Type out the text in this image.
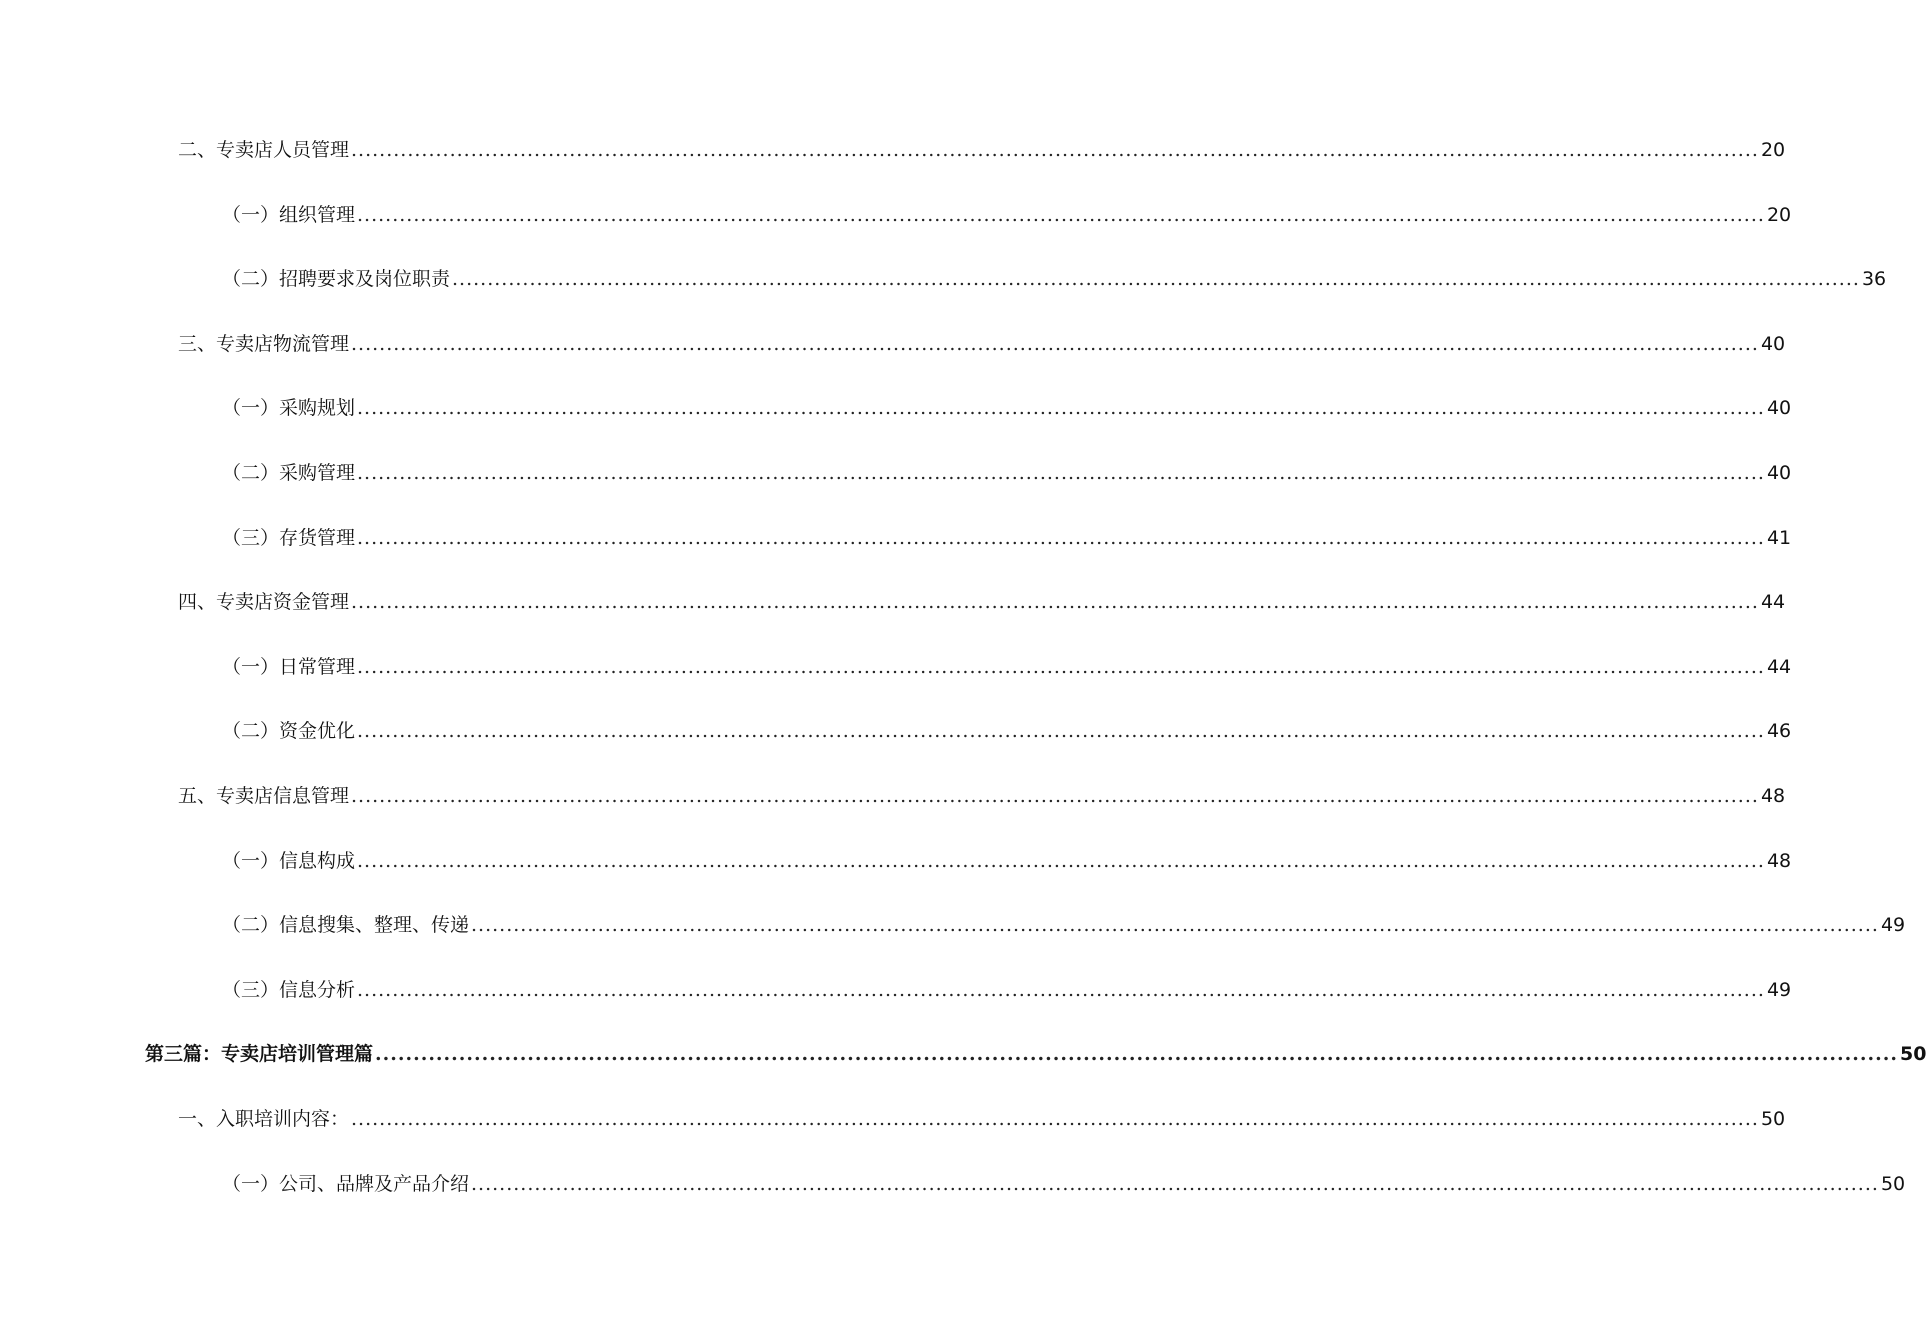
二、专卖店人员管理 ........................................................................................................................................................................................................ 20
（一）组织管理 ........................................................................................................................................................................................................ 20
（二）招聘要求及岗位职责 ........................................................................................................................................................................................................ 36
三、专卖店物流管理 ........................................................................................................................................................................................................ 40
（一）采购规划 ........................................................................................................................................................................................................ 40
（二）采购管理 ........................................................................................................................................................................................................ 40
（三）存货管理 ........................................................................................................................................................................................................ 41
四、专卖店资金管理 ........................................................................................................................................................................................................ 44
（一）日常管理 ........................................................................................................................................................................................................ 44
（二）资金优化 ........................................................................................................................................................................................................ 46
五、专卖店信息管理 ........................................................................................................................................................................................................ 48
（一）信息构成 ........................................................................................................................................................................................................ 48
（二）信息搜集、整理、传递 ........................................................................................................................................................................................................ 49
（三）信息分析 ........................................................................................................................................................................................................ 49
第三篇：专卖店培训管理篇 ........................................................................................................................................................................................................ 50
一、入职培训内容： ........................................................................................................................................................................................................ 50
（一）公司、品牌及产品介绍 ........................................................................................................................................................................................................ 50
